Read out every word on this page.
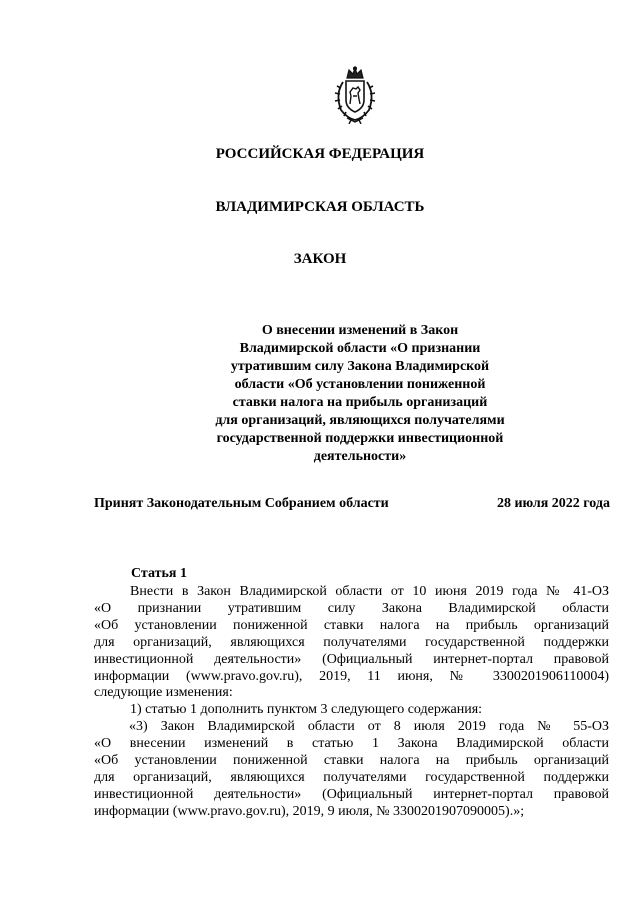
РОССИЙСКАЯ ФЕДЕРАЦИЯ
ВЛАДИМИРСКАЯ ОБЛАСТЬ
ЗАКОН
О внесении изменений в Закон
Владимирской области «О признании
утратившим силу Закона Владимирской
области «Об установлении пониженной
ставки налога на прибыль организаций
для организаций, являющихся получателями
государственной поддержки инвестиционной
деятельности»
Принят Законодательным Собранием области	28 июля 2022 года
Статья 1
Внести в Закон Владимирской области от 10 июня 2019 года № 41-ОЗ
«О признании утратившим силу Закона Владимирской области
«Об установлении пониженной ставки налога на прибыль организаций
для организаций, являющихся получателями государственной поддержки
инвестиционной деятельности» (Официальный интернет-портал правовой
информации (www.pravo.gov.ru), 2019, 11 июня, № 3300201906110004)
следующие изменения:
1) статью 1 дополнить пунктом 3 следующего содержания:
«3) Закон Владимирской области от 8 июля 2019 года № 55-ОЗ
«О внесении изменений в статью 1 Закона Владимирской области
«Об установлении пониженной ставки налога на прибыль организаций
для организаций, являющихся получателями государственной поддержки
инвестиционной деятельности» (Официальный интернет-портал правовой
информации (www.pravo.gov.ru), 2019, 9 июля, № 3300201907090005).»;
